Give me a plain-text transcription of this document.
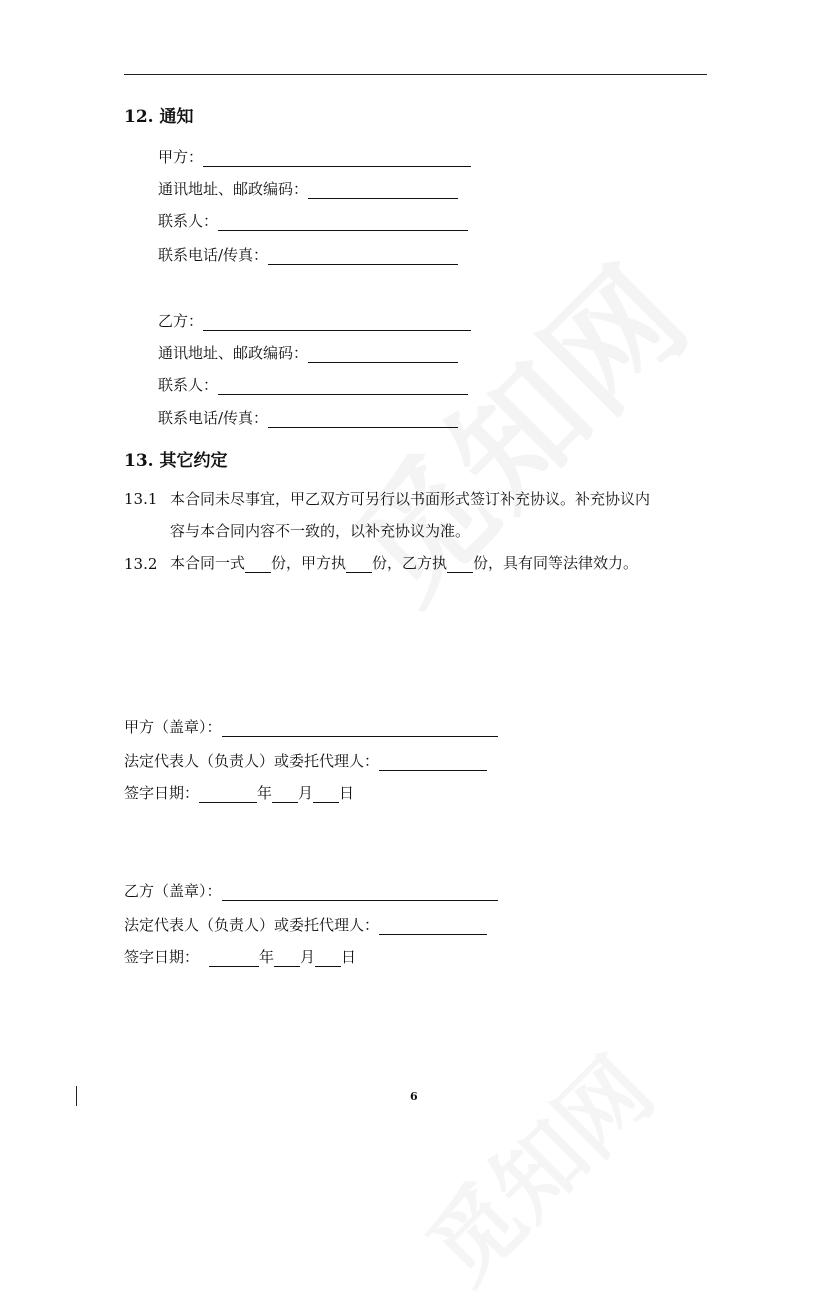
12. 通知
甲方：
通讯地址、邮政编码：
联系人：
联系电话/传真：
乙方：
通讯地址、邮政编码：
联系人：
联系电话/传真：
13. 其它约定
13.1 本合同未尽事宜，甲乙双方可另行以书面形式签订补充协议。补充协议内
容与本合同内容不一致的，以补充协议为准。
13.2 本合同一式 份，甲方执 份，乙方执 份，具有同等法律效力。
甲方（盖章）：
法定代表人（负责人）或委托代理人：
签字日期：	年 月 日
乙方（盖章）：
法定代表人（负责人）或委托代理人：
签字日期：	年 月 日
6
